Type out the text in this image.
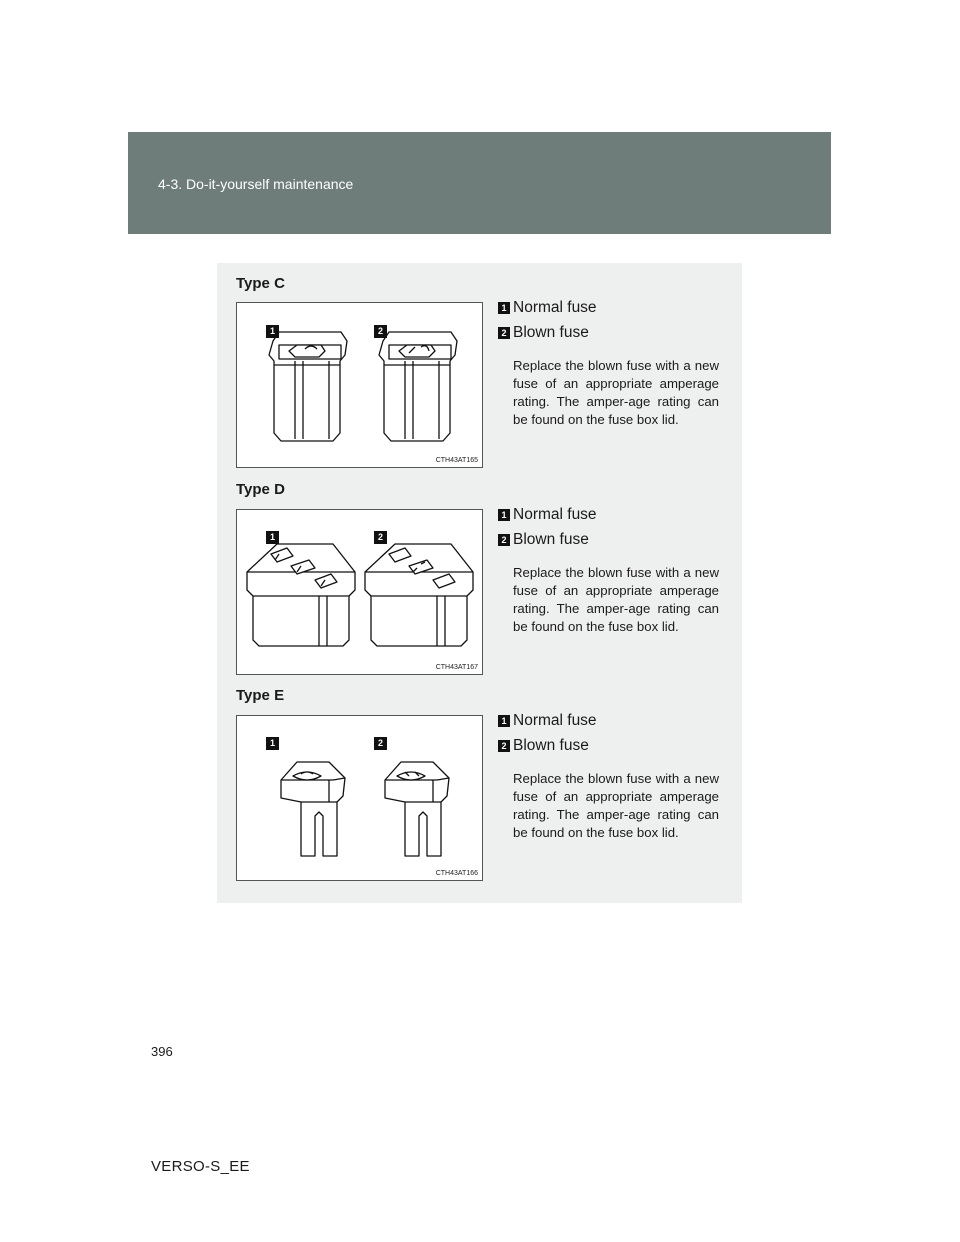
4-3. Do-it-yourself maintenance
Type C
1	2
CTH43AT165
1 Normal fuse
2 Blown fuse
Replace the blown fuse with a new fuse of an appropriate amperage rating. The amper-age rating can be found on the fuse box lid.
Type D
1	2
CTH43AT167
1 Normal fuse
2 Blown fuse
Replace the blown fuse with a new fuse of an appropriate amperage rating. The amper-age rating can be found on the fuse box lid.
Type E
1	2
CTH43AT166
1 Normal fuse
2 Blown fuse
Replace the blown fuse with a new fuse of an appropriate amperage rating. The amper-age rating can be found on the fuse box lid.
396
VERSO-S_EE
